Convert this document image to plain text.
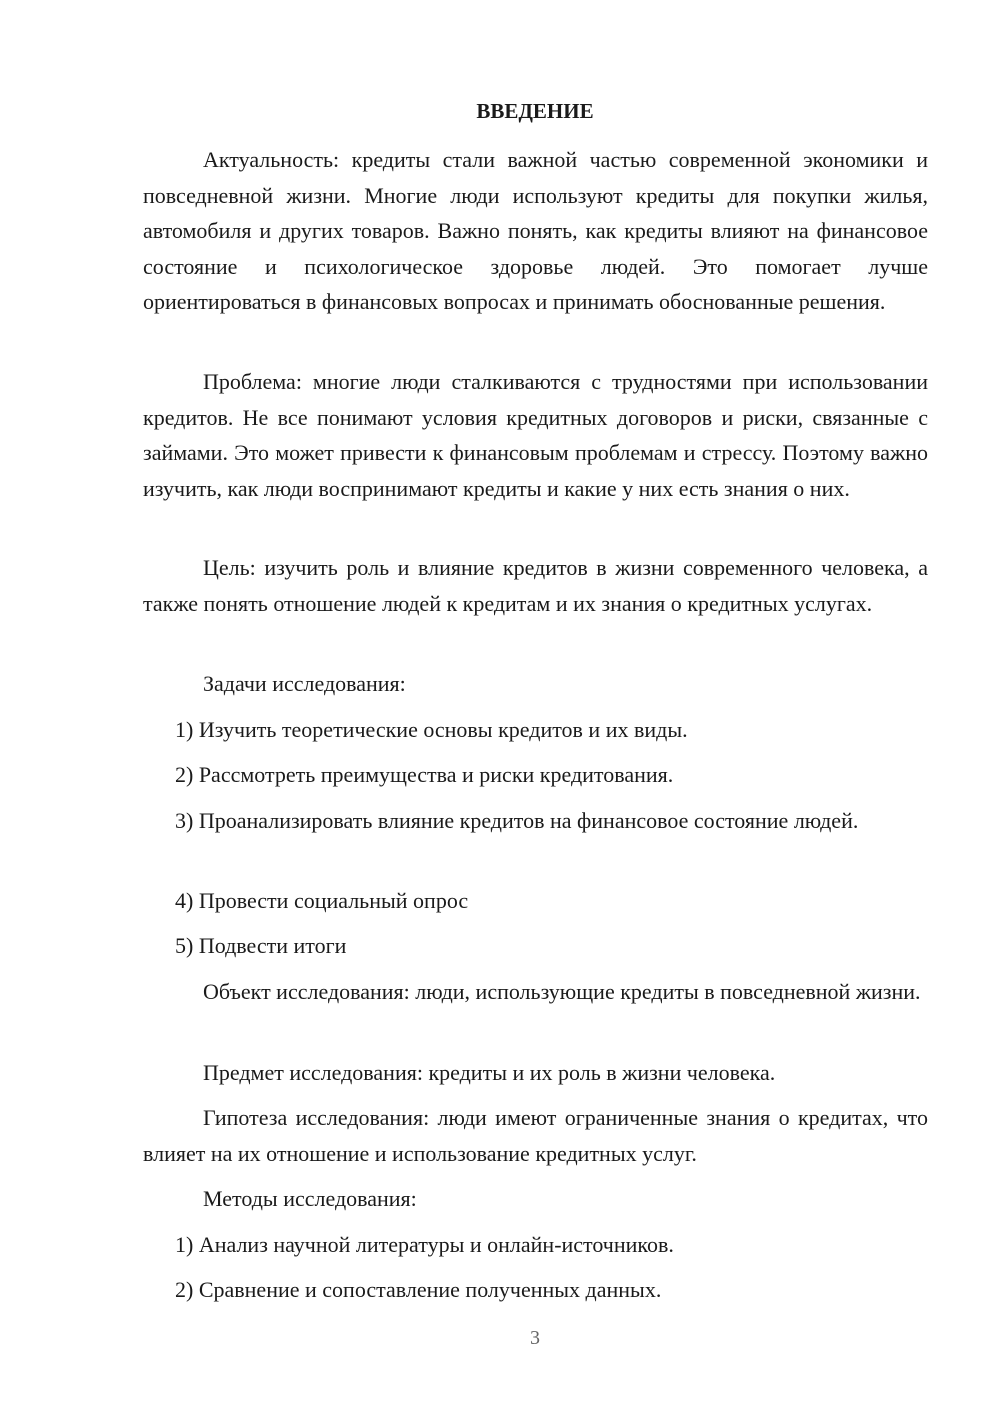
ВВЕДЕНИЕ
Актуальность: кредиты стали важной частью современной экономики и повседневной жизни. Многие люди используют кредиты для покупки жилья, автомобиля и других товаров. Важно понять, как кредиты влияют на финансовое состояние и психологическое здоровье людей. Это помогает лучше ориентироваться в финансовых вопросах и принимать обоснованные решения.
Проблема: многие люди сталкиваются с трудностями при использовании кредитов. Не все понимают условия кредитных договоров и риски, связанные с займами. Это может привести к финансовым проблемам и стрессу. Поэтому важно изучить, как люди воспринимают кредиты и какие у них есть знания о них.
Цель: изучить роль и влияние кредитов в жизни современного человека, а также понять отношение людей к кредитам и их знания о кредитных услугах.
Задачи исследования:
1) Изучить теоретические основы кредитов и их виды.
2) Рассмотреть преимущества и риски кредитования.
3) Проанализировать влияние кредитов на финансовое состояние людей.
4) Провести социальный опрос
5) Подвести итоги
Объект исследования: люди, использующие кредиты в повседневной жизни.
Предмет исследования: кредиты и их роль в жизни человека.
Гипотеза исследования: люди имеют ограниченные знания о кредитах, что влияет на их отношение и использование кредитных услуг.
Методы исследования:
1) Анализ научной литературы и онлайн-источников.
2) Сравнение и сопоставление полученных данных.
3
